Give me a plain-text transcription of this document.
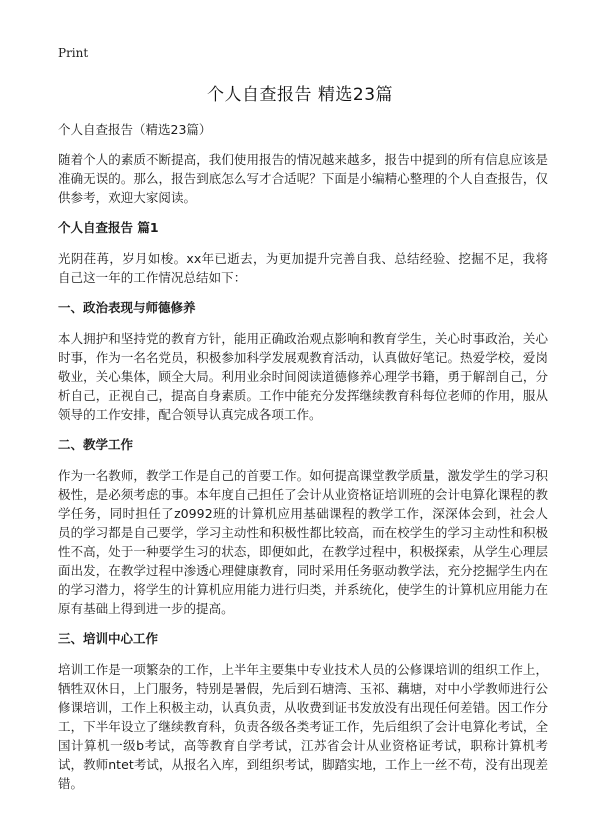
Print
个人自查报告 精选23篇

个人自查报告（精选23篇）

随着个人的素质不断提高，我们使用报告的情况越来越多，报告中提到的所有信息应该是准确无误的。那么，报告到底怎么写才合适呢？下面是小编精心整理的个人自查报告，仅供参考，欢迎大家阅读。

个人自查报告 篇1

光阴荏苒，岁月如梭。xx年已逝去，为更加提升完善自我、总结经验、挖掘不足，我将自己这一年的工作情况总结如下：

一、政治表现与师德修养

本人拥护和坚持党的教育方针，能用正确政治观点影响和教育学生，关心时事政治，关心时事，作为一名名党员，积极参加科学发展观教育活动，认真做好笔记。热爱学校，爱岗敬业，关心集体，顾全大局。利用业余时间阅读道德修养心理学书籍，勇于解剖自己，分析自己，正视自己，提高自身素质。工作中能充分发挥继续教育科每位老师的作用，服从领导的工作安排，配合领导认真完成各项工作。

二、教学工作

作为一名教师，教学工作是自己的首要工作。如何提高课堂教学质量，激发学生的学习积极性，是必须考虑的事。本年度自己担任了会计从业资格证培训班的会计电算化课程的教学任务，同时担任了z0992班的计算机应用基础课程的教学工作，深深体会到，社会人员的学习都是自己要学，学习主动性和积极性都比较高，而在校学生的学习主动性和积极性不高，处于一种要学生习的状态，即便如此，在教学过程中，积极探索，从学生心理层面出发，在教学过程中渗透心理健康教育，同时采用任务驱动教学法，充分挖掘学生内在的学习潜力，将学生的计算机应用能力进行归类，并系统化，使学生的计算机应用能力在原有基础上得到进一步的提高。

三、培训中心工作

培训工作是一项繁杂的工作，上半年主要集中专业技术人员的公修课培训的组织工作上，牺牲双休日，上门服务，特别是暑假，先后到石塘湾、玉祁、藕塘，对中小学教师进行公修课培训，工作上积极主动，认真负责，从收费到证书发放没有出现任何差错。因工作分工，下半年设立了继续教育科，负责各级各类考证工作，先后组织了会计电算化考试，全国计算机一级b考试，高等教育自学考试，江苏省会计从业资格证考试，职称计算机考试，教师ntet考试，从报名入库，到组织考试，脚踏实地，工作上一丝不苟，没有出现差错。
